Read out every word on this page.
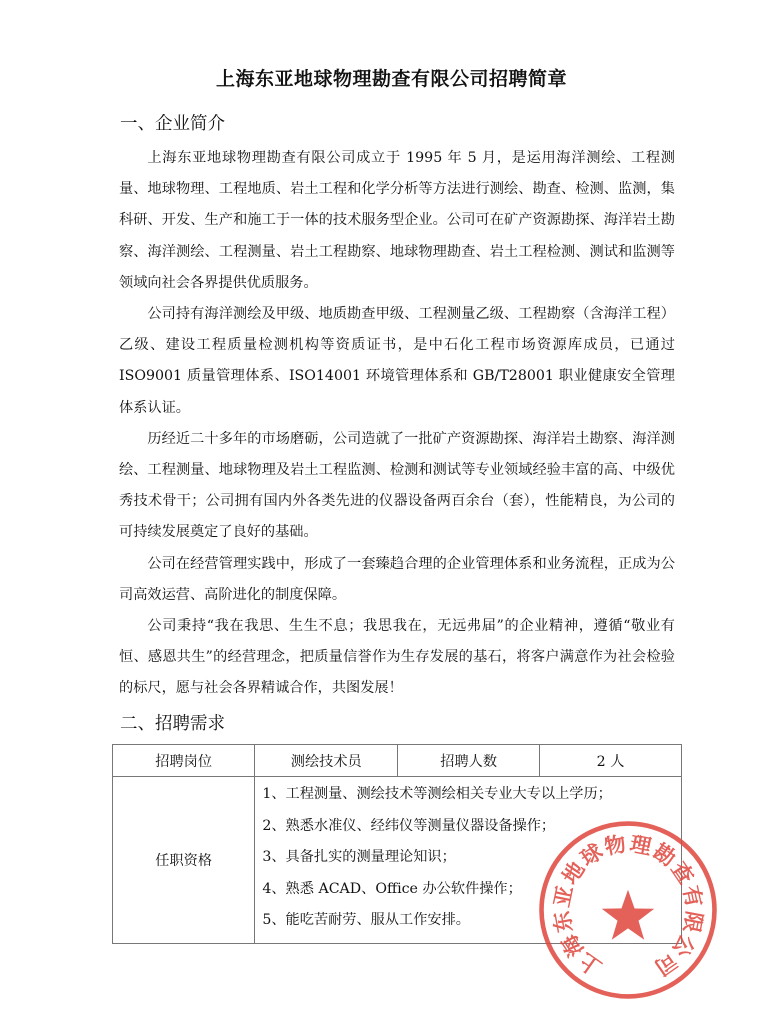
上海东亚地球物理勘查有限公司招聘简章
一、企业简介

上海东亚地球物理勘查有限公司成立于 1995 年 5 月，是运用海洋测绘、工程测量、地球物理、工程地质、岩土工程和化学分析等方法进行测绘、勘查、检测、监测，集科研、开发、生产和施工于一体的技术服务型企业。公司可在矿产资源勘探、海洋岩土勘察、海洋测绘、工程测量、岩土工程勘察、地球物理勘查、岩土工程检测、测试和监测等领域向社会各界提供优质服务。

公司持有海洋测绘及甲级、地质勘查甲级、工程测量乙级、工程勘察（含海洋工程）乙级、建设工程质量检测机构等资质证书，是中石化工程市场资源库成员，已通过 ISO9001 质量管理体系、ISO14001 环境管理体系和 GB/T28001 职业健康安全管理体系认证。

历经近二十多年的市场磨砺，公司造就了一批矿产资源勘探、海洋岩土勘察、海洋测绘、工程测量、地球物理及岩土工程监测、检测和测试等专业领域经验丰富的高、中级优秀技术骨干；公司拥有国内外各类先进的仪器设备两百余台（套），性能精良，为公司的可持续发展奠定了良好的基础。

公司在经营管理实践中，形成了一套臻趋合理的企业管理体系和业务流程，正成为公司高效运营、高阶进化的制度保障。

公司秉持“我在我思、生生不息；我思我在，无远弗届”的企业精神，遵循“敬业有恒、感恩共生”的经营理念，把质量信誉作为生存发展的基石，将客户满意作为社会检验的标尺，愿与社会各界精诚合作，共图发展！

二、招聘需求
招聘岗位	测绘技术员	招聘人数	2 人
任职资格	1、工程测量、测绘技术等测绘相关专业大专以上学历；
2、熟悉水准仪、经纬仪等测量仪器设备操作；
3、具备扎实的测量理论知识；
4、熟悉 ACAD、Office 办公软件操作；
5、能吃苦耐劳、服从工作安排。		
上
海
东
亚
地
球
物 理
勘
查
有
限
公
司
